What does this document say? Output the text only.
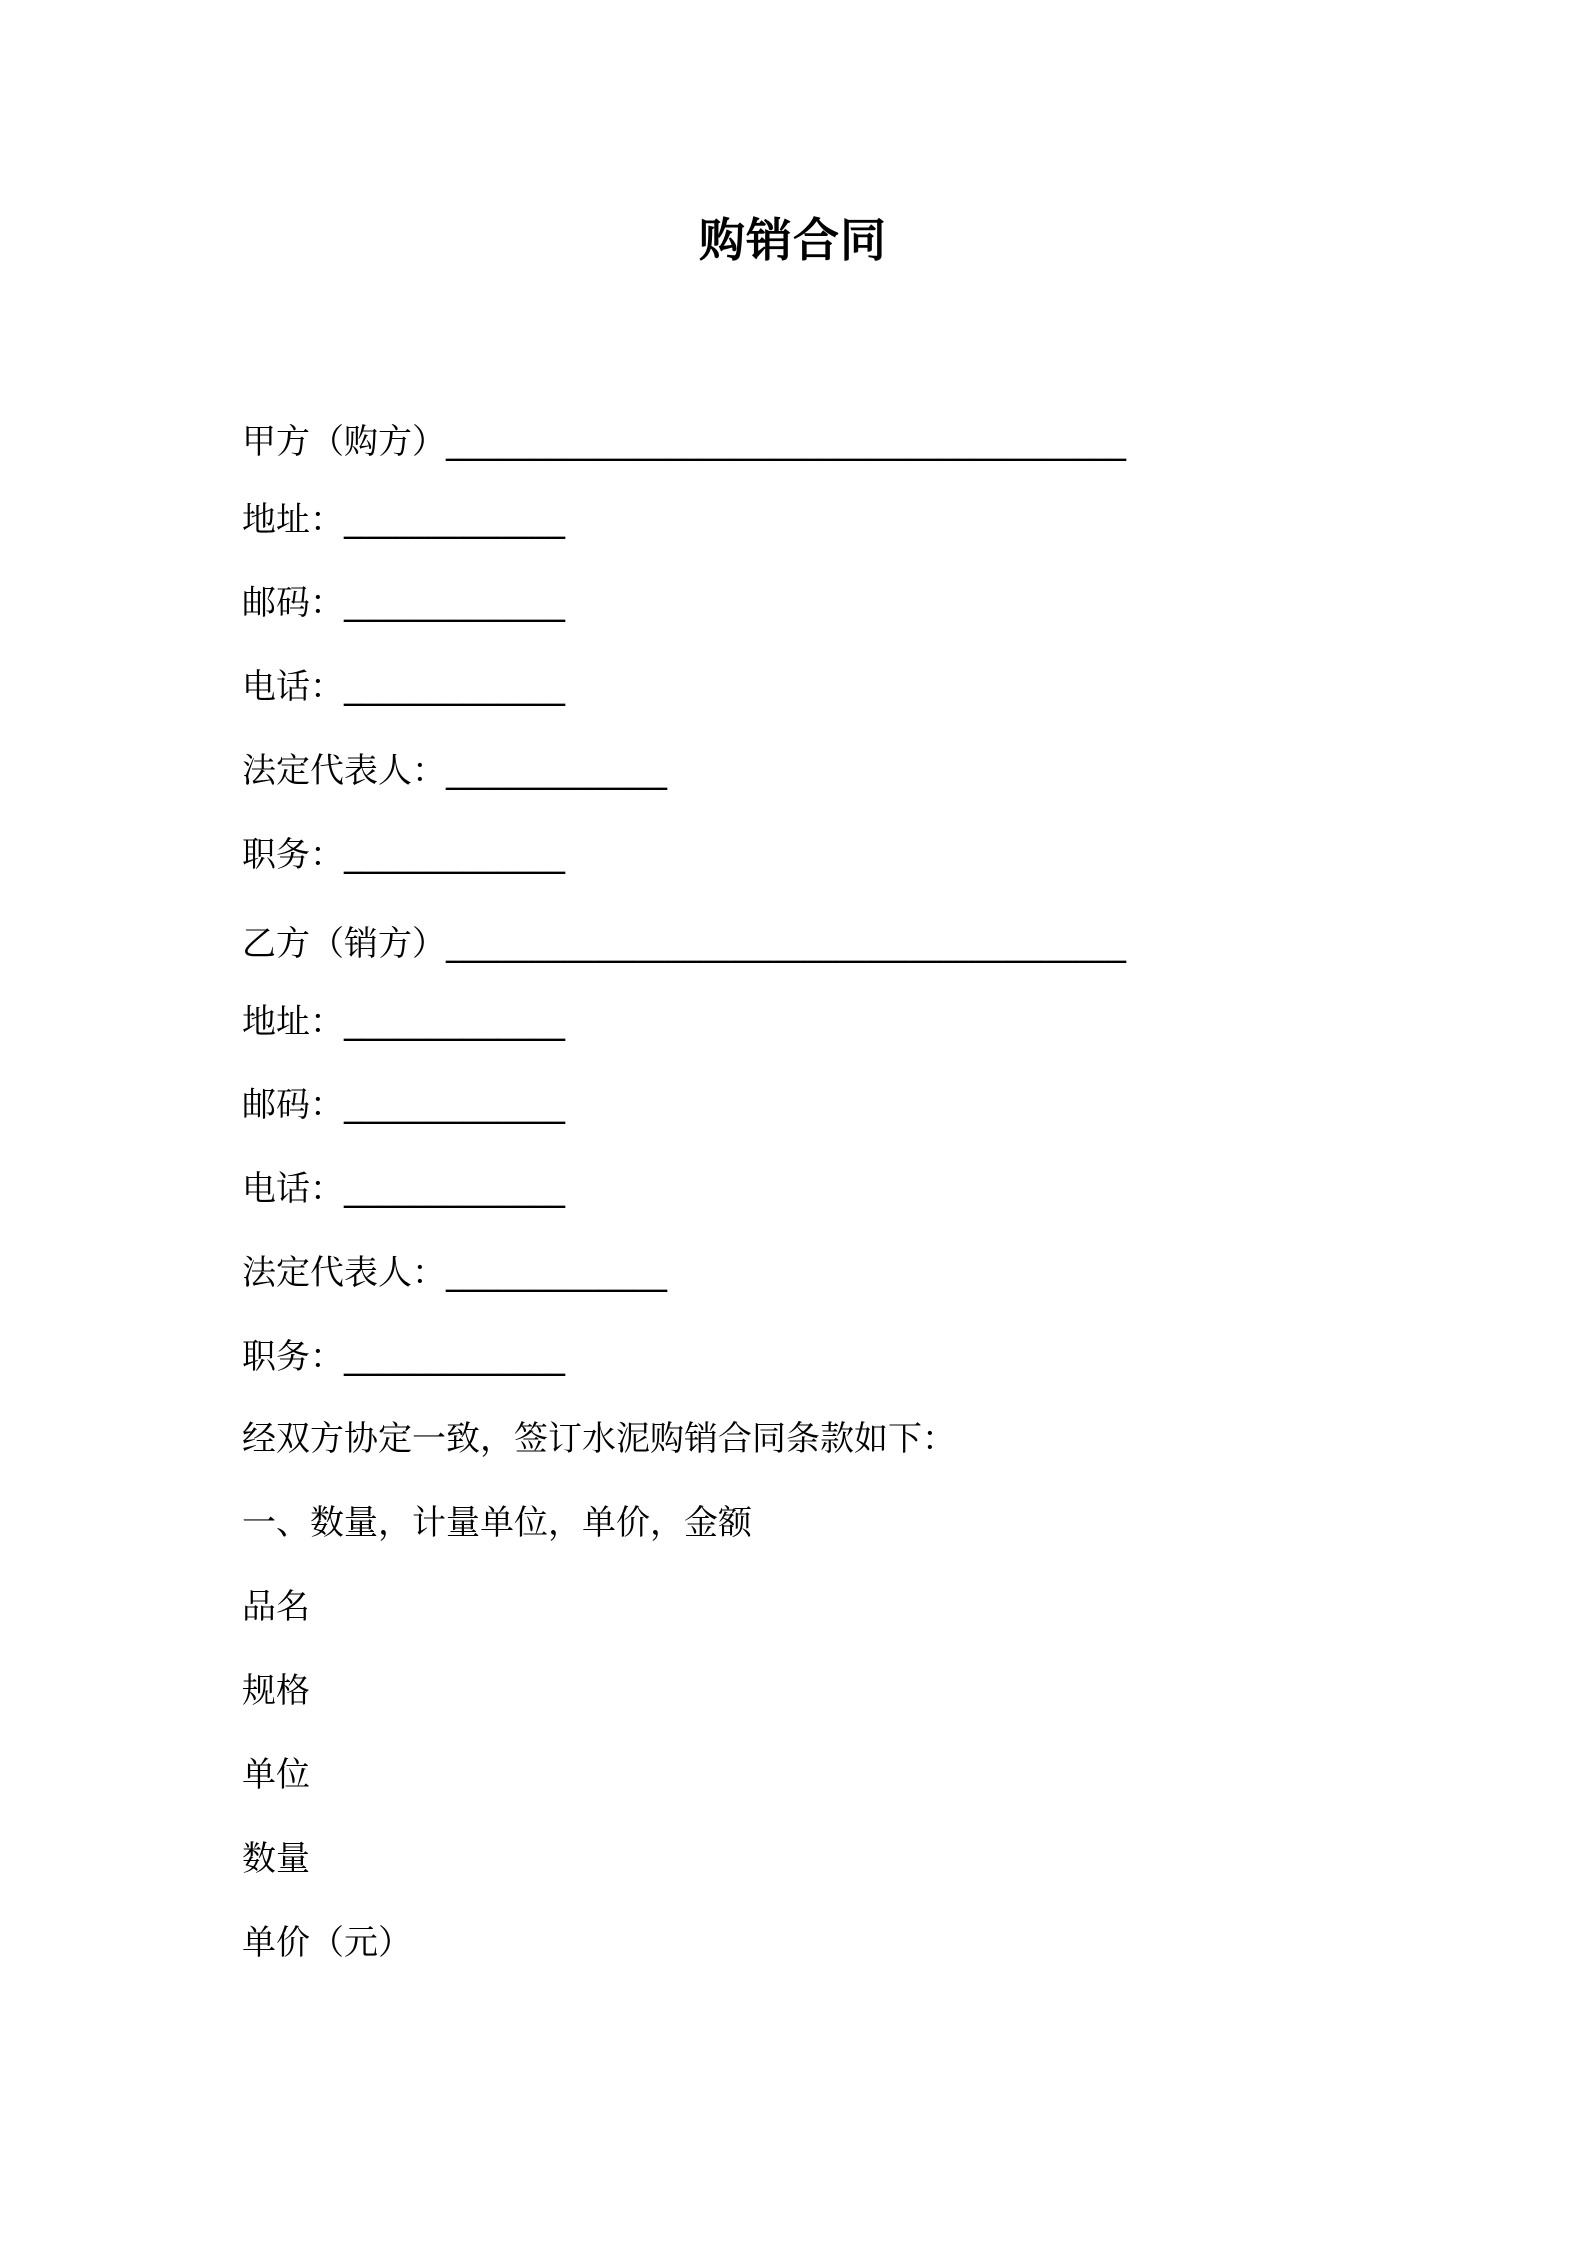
购销合同
甲方（购方）________________________________________
地址：_____________
邮码：_____________
电话：_____________
法定代表人：_____________
职务：_____________
乙方（销方）________________________________________
地址：_____________
邮码：_____________
电话：_____________
法定代表人：_____________
职务：_____________
经双方协定一致，签订水泥购销合同条款如下：
一、数量，计量单位，单价，金额
品名
规格
单位
数量
单价（元）
